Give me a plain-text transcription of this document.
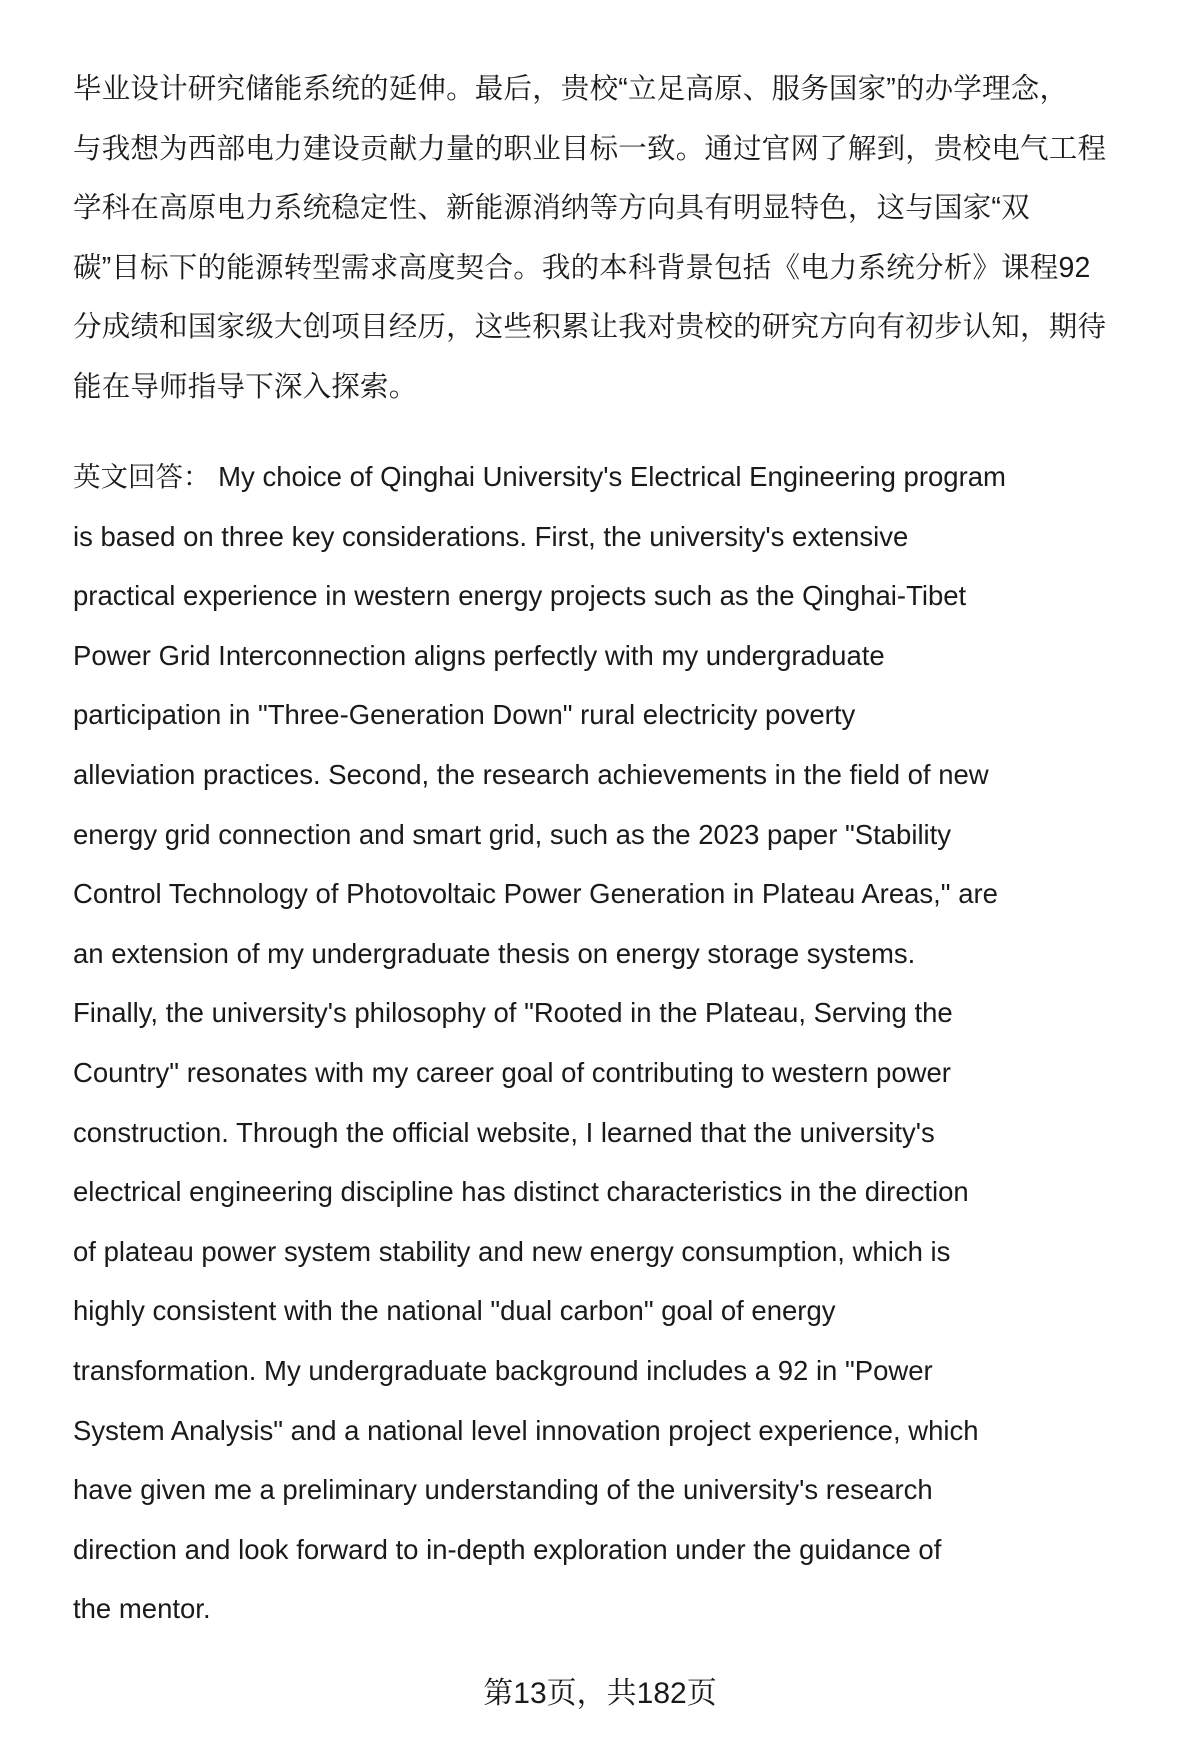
毕业设计研究储能系统的延伸。最后，贵校“立足高原、服务国家”的办学理念，
与我想为西部电力建设贡献力量的职业目标一致。通过官网了解到，贵校电气工程
学科在高原电力系统稳定性、新能源消纳等方向具有明显特色，这与国家“双
碳”目标下的能源转型需求高度契合。我的本科背景包括《电力系统分析》课程92
分成绩和国家级大创项目经历，这些积累让我对贵校的研究方向有初步认知，期待
能在导师指导下深入探索。
英文回答： My choice of Qinghai University's Electrical Engineering program
is based on three key considerations. First, the university's extensive
practical experience in western energy projects such as the Qinghai-Tibet
Power Grid Interconnection aligns perfectly with my undergraduate
participation in "Three-Generation Down" rural electricity poverty
alleviation practices. Second, the research achievements in the field of new
energy grid connection and smart grid, such as the 2023 paper "Stability
Control Technology of Photovoltaic Power Generation in Plateau Areas," are
an extension of my undergraduate thesis on energy storage systems.
Finally, the university's philosophy of "Rooted in the Plateau, Serving the
Country" resonates with my career goal of contributing to western power
construction. Through the official website, I learned that the university's
electrical engineering discipline has distinct characteristics in the direction
of plateau power system stability and new energy consumption, which is
highly consistent with the national "dual carbon" goal of energy
transformation. My undergraduate background includes a 92 in "Power
System Analysis" and a national level innovation project experience, which
have given me a preliminary understanding of the university's research
direction and look forward to in-depth exploration under the guidance of
the mentor.
第13页，共182页
